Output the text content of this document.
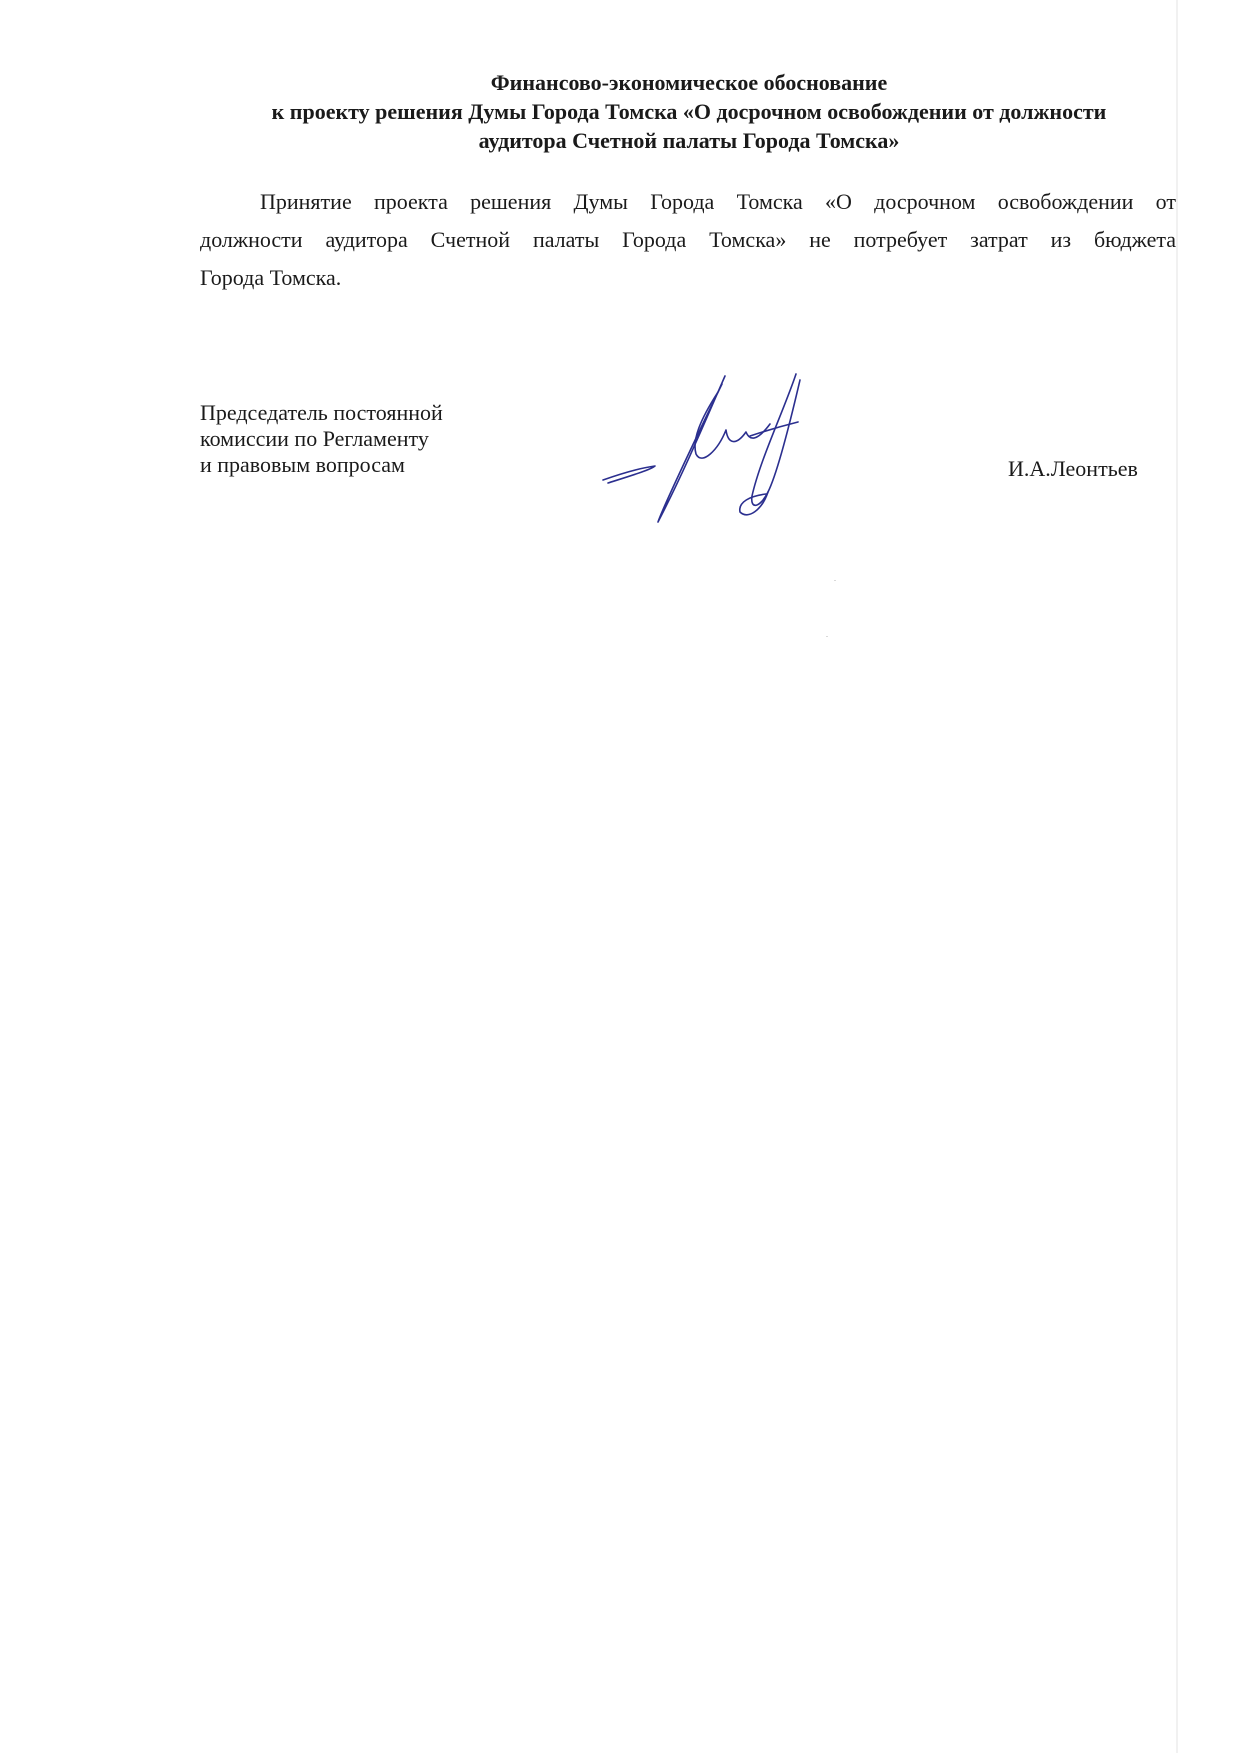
Финансово-экономическое обоснование
к проекту решения Думы Города Томска «О досрочном освобождении от должности
аудитора Счетной палаты Города Томска»
Принятие проекта решения Думы Города Томска «О досрочном освобождении от
должности аудитора Счетной палаты Города Томска» не потребует затрат из бюджета
Города Томска.
Председатель постоянной
комиссии по Регламенту
и правовым вопросам	И.А.Леонтьев
